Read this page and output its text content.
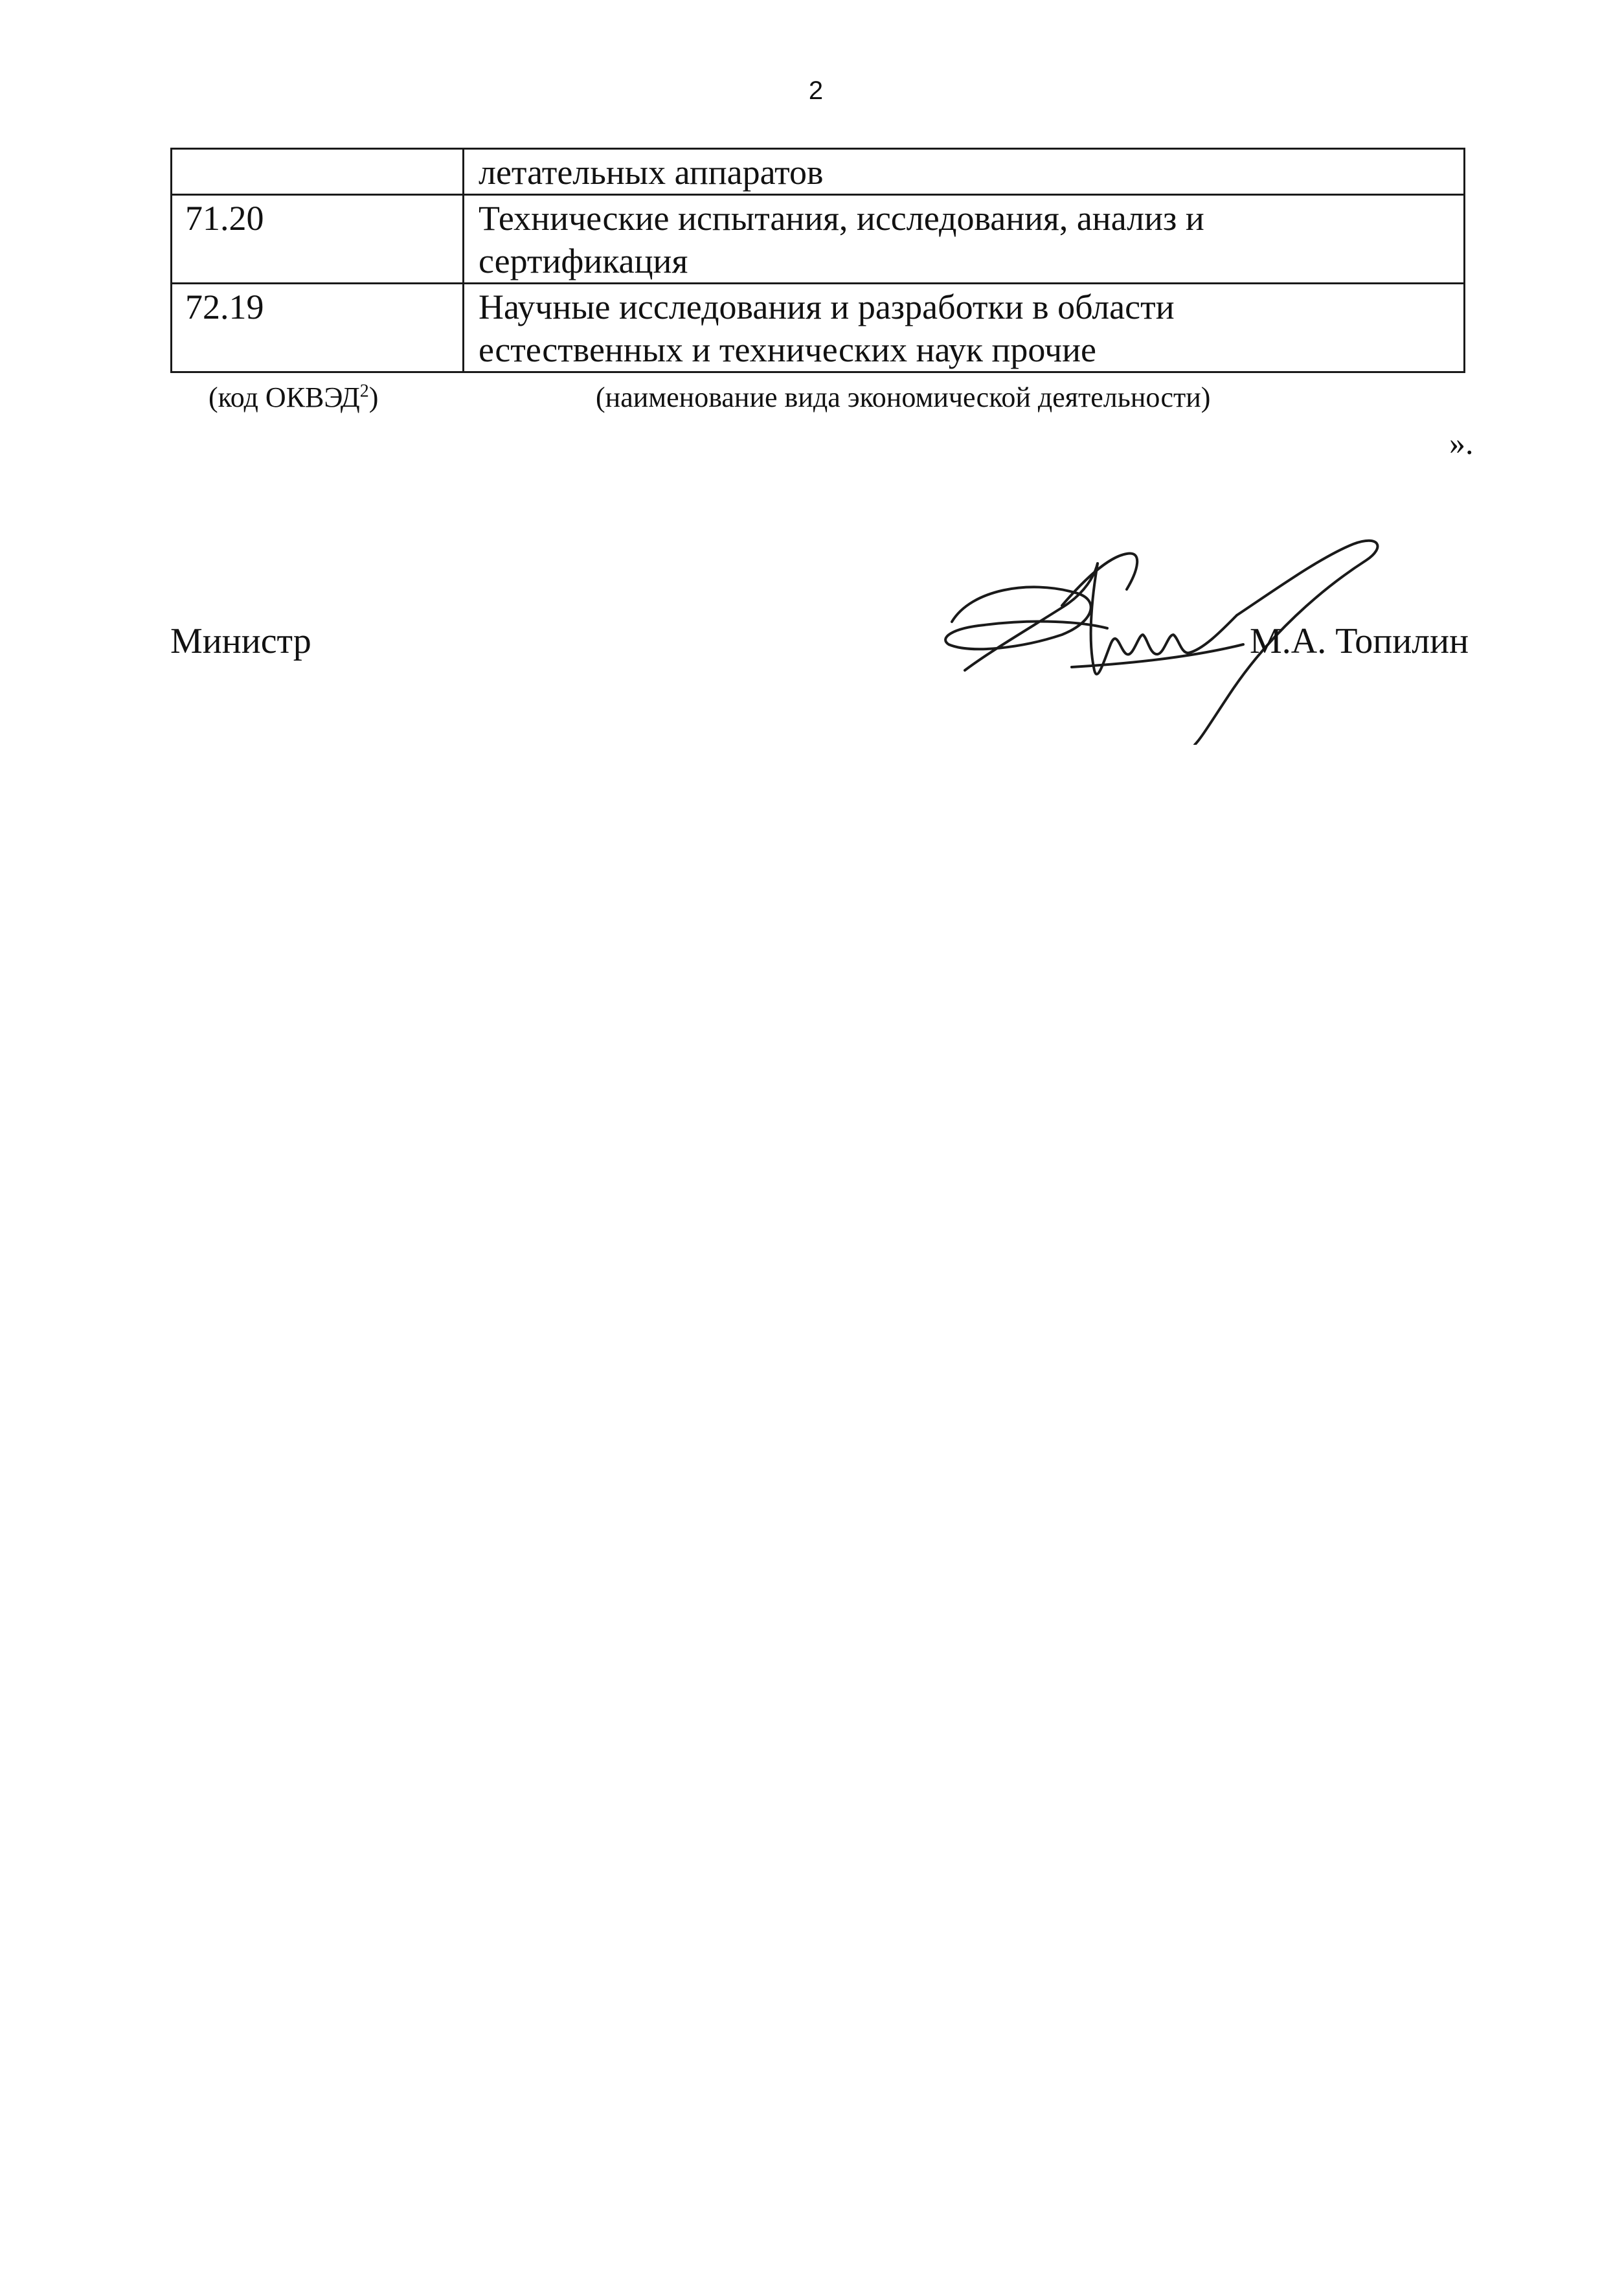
2

	летательных аппаратов

71.20	Технические испытания, исследования, анализ и
сертификация

72.19	Научные исследования и разработки в области
естественных и технических наук прочие
(код ОКВЭД$^2$)	(наименование вида экономической деятельности)
».
Министр	М.А. Топилин
